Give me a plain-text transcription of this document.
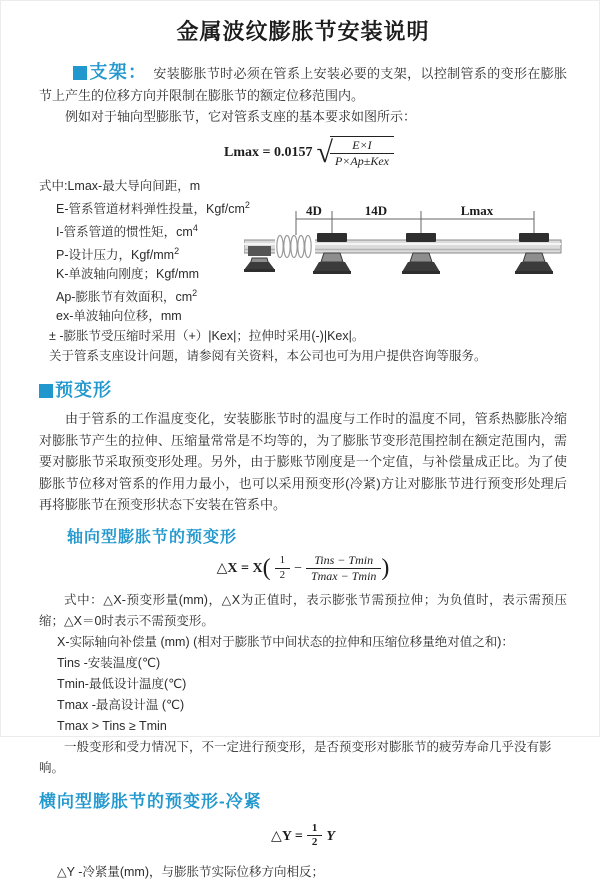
金属波纹膨胀节安装说明
支架： 安装膨胀节时必须在管系上安装必要的支架，以控制管系的变形在膨胀节上产生的位移方向并限制在膨胀节的额定位移范围内。
例如对于轴向型膨胀节，它对管系支座的基本要求如图所示：
Lmax = 0.0157 √
$\frac{E\times I}{\text{P×Ap±Kex}}$
式中:Lmax-最大导向间距，m
E-管系管道材料弹性投量，Kgf/$cm^2$
I-管系管道的惯性矩，$cm^4$
P-设计压力，Kgf/$mm^2$
K-单波轴向刚度；Kgf/mm
Ap-膨胀节有效面积，$cm^2$
ex-单波轴向位移，mm
4D	14D	Lmax
± -膨胀节受压缩时采用（+）|Kex|；拉伸时采用(-)|Kex|。
关于管系支座设计问题，请参阅有关资料，本公司也可为用户提供咨询等服务。
预变形
由于管系的工作温度变化，安装膨胀节时的温度与工作时的温度不同，管系热膨胀冷缩对膨胀节产生的拉伸、压缩量常常是不均等的，为了膨胀节变形范围控制在额定范围内，需要对膨胀节采取预变形处理。另外，由于膨账节刚度是一个定值，与补偿量成正比。为了使膨胀节位移对管系的作用力最小，也可以采用预变形(冷紧)方让对膨胀节进行预变形处理后再将膨胀节在预变形状态下安装在管系中。
轴向型膨胀节的预变形
△X = $X( \frac{1}{2} - \frac{\text{Tins − Tmin}}{Tmax - Tmin}$ )
式中：△X-预变形量(mm)，△X为正值时，表示膨张节需预拉伸；为负值时，表示需预压缩；△X＝0时表示不需预变形。
X-实际轴向补偿量 (mm) (相对于膨胀节中间状态的拉伸和压缩位移量绝对值之和)：
Tins -安装温度(℃)
Tmin-最低设计温度(℃)
Tmax -最高设计温 (℃)
Tmax > Tins ≥ Tmin
一般变形和受力情况下，不一定进行预变形，是否预变形对膨胀节的疲劳寿命几乎没有影响。
横向型膨胀节的预变形-冷紧
△Y = $\frac{1}{2}$ Y
△Y -冷紧量(mm)，与膨胀节实际位移方向相反；
